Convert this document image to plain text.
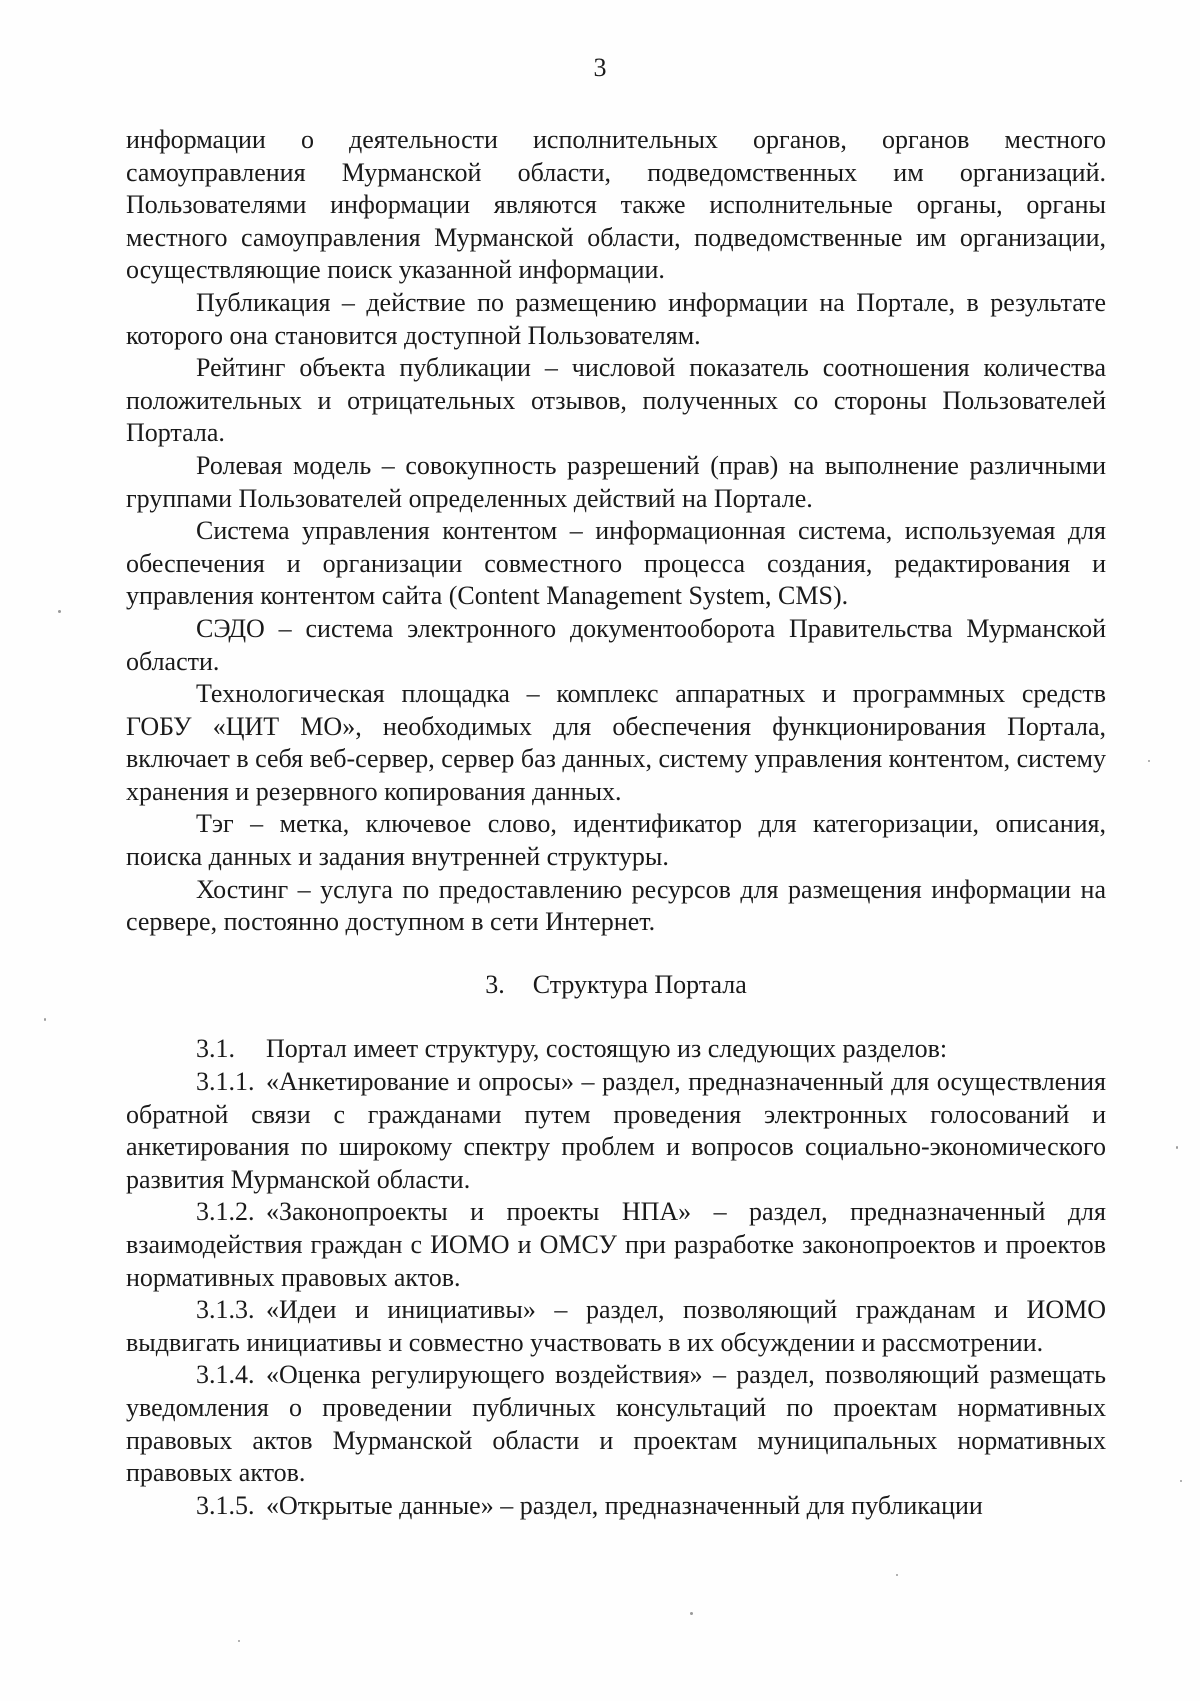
3

информации о деятельности исполнительных органов, органов местного самоуправления Мурманской области, подведомственных им организаций. Пользователями информации являются также исполнительные органы, органы местного самоуправления Мурманской области, подведомственные им организации, осуществляющие поиск указанной информации.

Публикация – действие по размещению информации на Портале, в результате которого она становится доступной Пользователям.

Рейтинг объекта публикации – числовой показатель соотношения количества положительных и отрицательных отзывов, полученных со стороны Пользователей Портала.

Ролевая модель – совокупность разрешений (прав) на выполнение различными группами Пользователей определенных действий на Портале.

Система управления контентом – информационная система, используемая для обеспечения и организации совместного процесса создания, редактирования и управления контентом сайта (Content Management System, CMS).

СЭДО – система электронного документооборота Правительства Мурманской области.

Технологическая площадка – комплекс аппаратных и программных средств ГОБУ «ЦИТ МО», необходимых для обеспечения функционирования Портала, включает в себя веб-сервер, сервер баз данных, систему управления контентом, систему хранения и резервного копирования данных.

Тэг – метка, ключевое слово, идентификатор для категоризации, описания, поиска данных и задания внутренней структуры.

Хостинг – услуга по предоставлению ресурсов для размещения информации на сервере, постоянно доступном в сети Интернет.

3. Структура Портала

3.1. Портал имеет структуру, состоящую из следующих разделов:

3.1.1. «Анкетирование и опросы» – раздел, предназначенный для осуществления обратной связи с гражданами путем проведения электронных голосований и анкетирования по широкому спектру проблем и вопросов социально-экономического развития Мурманской области.

3.1.2. «Законопроекты и проекты НПА» – раздел, предназначенный для взаимодействия граждан с ИОМО и ОМСУ при разработке законопроектов и проектов нормативных правовых актов.

3.1.3. «Идеи и инициативы» – раздел, позволяющий гражданам и ИОМО выдвигать инициативы и совместно участвовать в их обсуждении и рассмотрении.

3.1.4. «Оценка регулирующего воздействия» – раздел, позволяющий размещать уведомления о проведении публичных консультаций по проектам нормативных правовых актов Мурманской области и проектам муниципальных нормативных правовых актов.

3.1.5. «Открытые данные» – раздел, предназначенный для публикации
